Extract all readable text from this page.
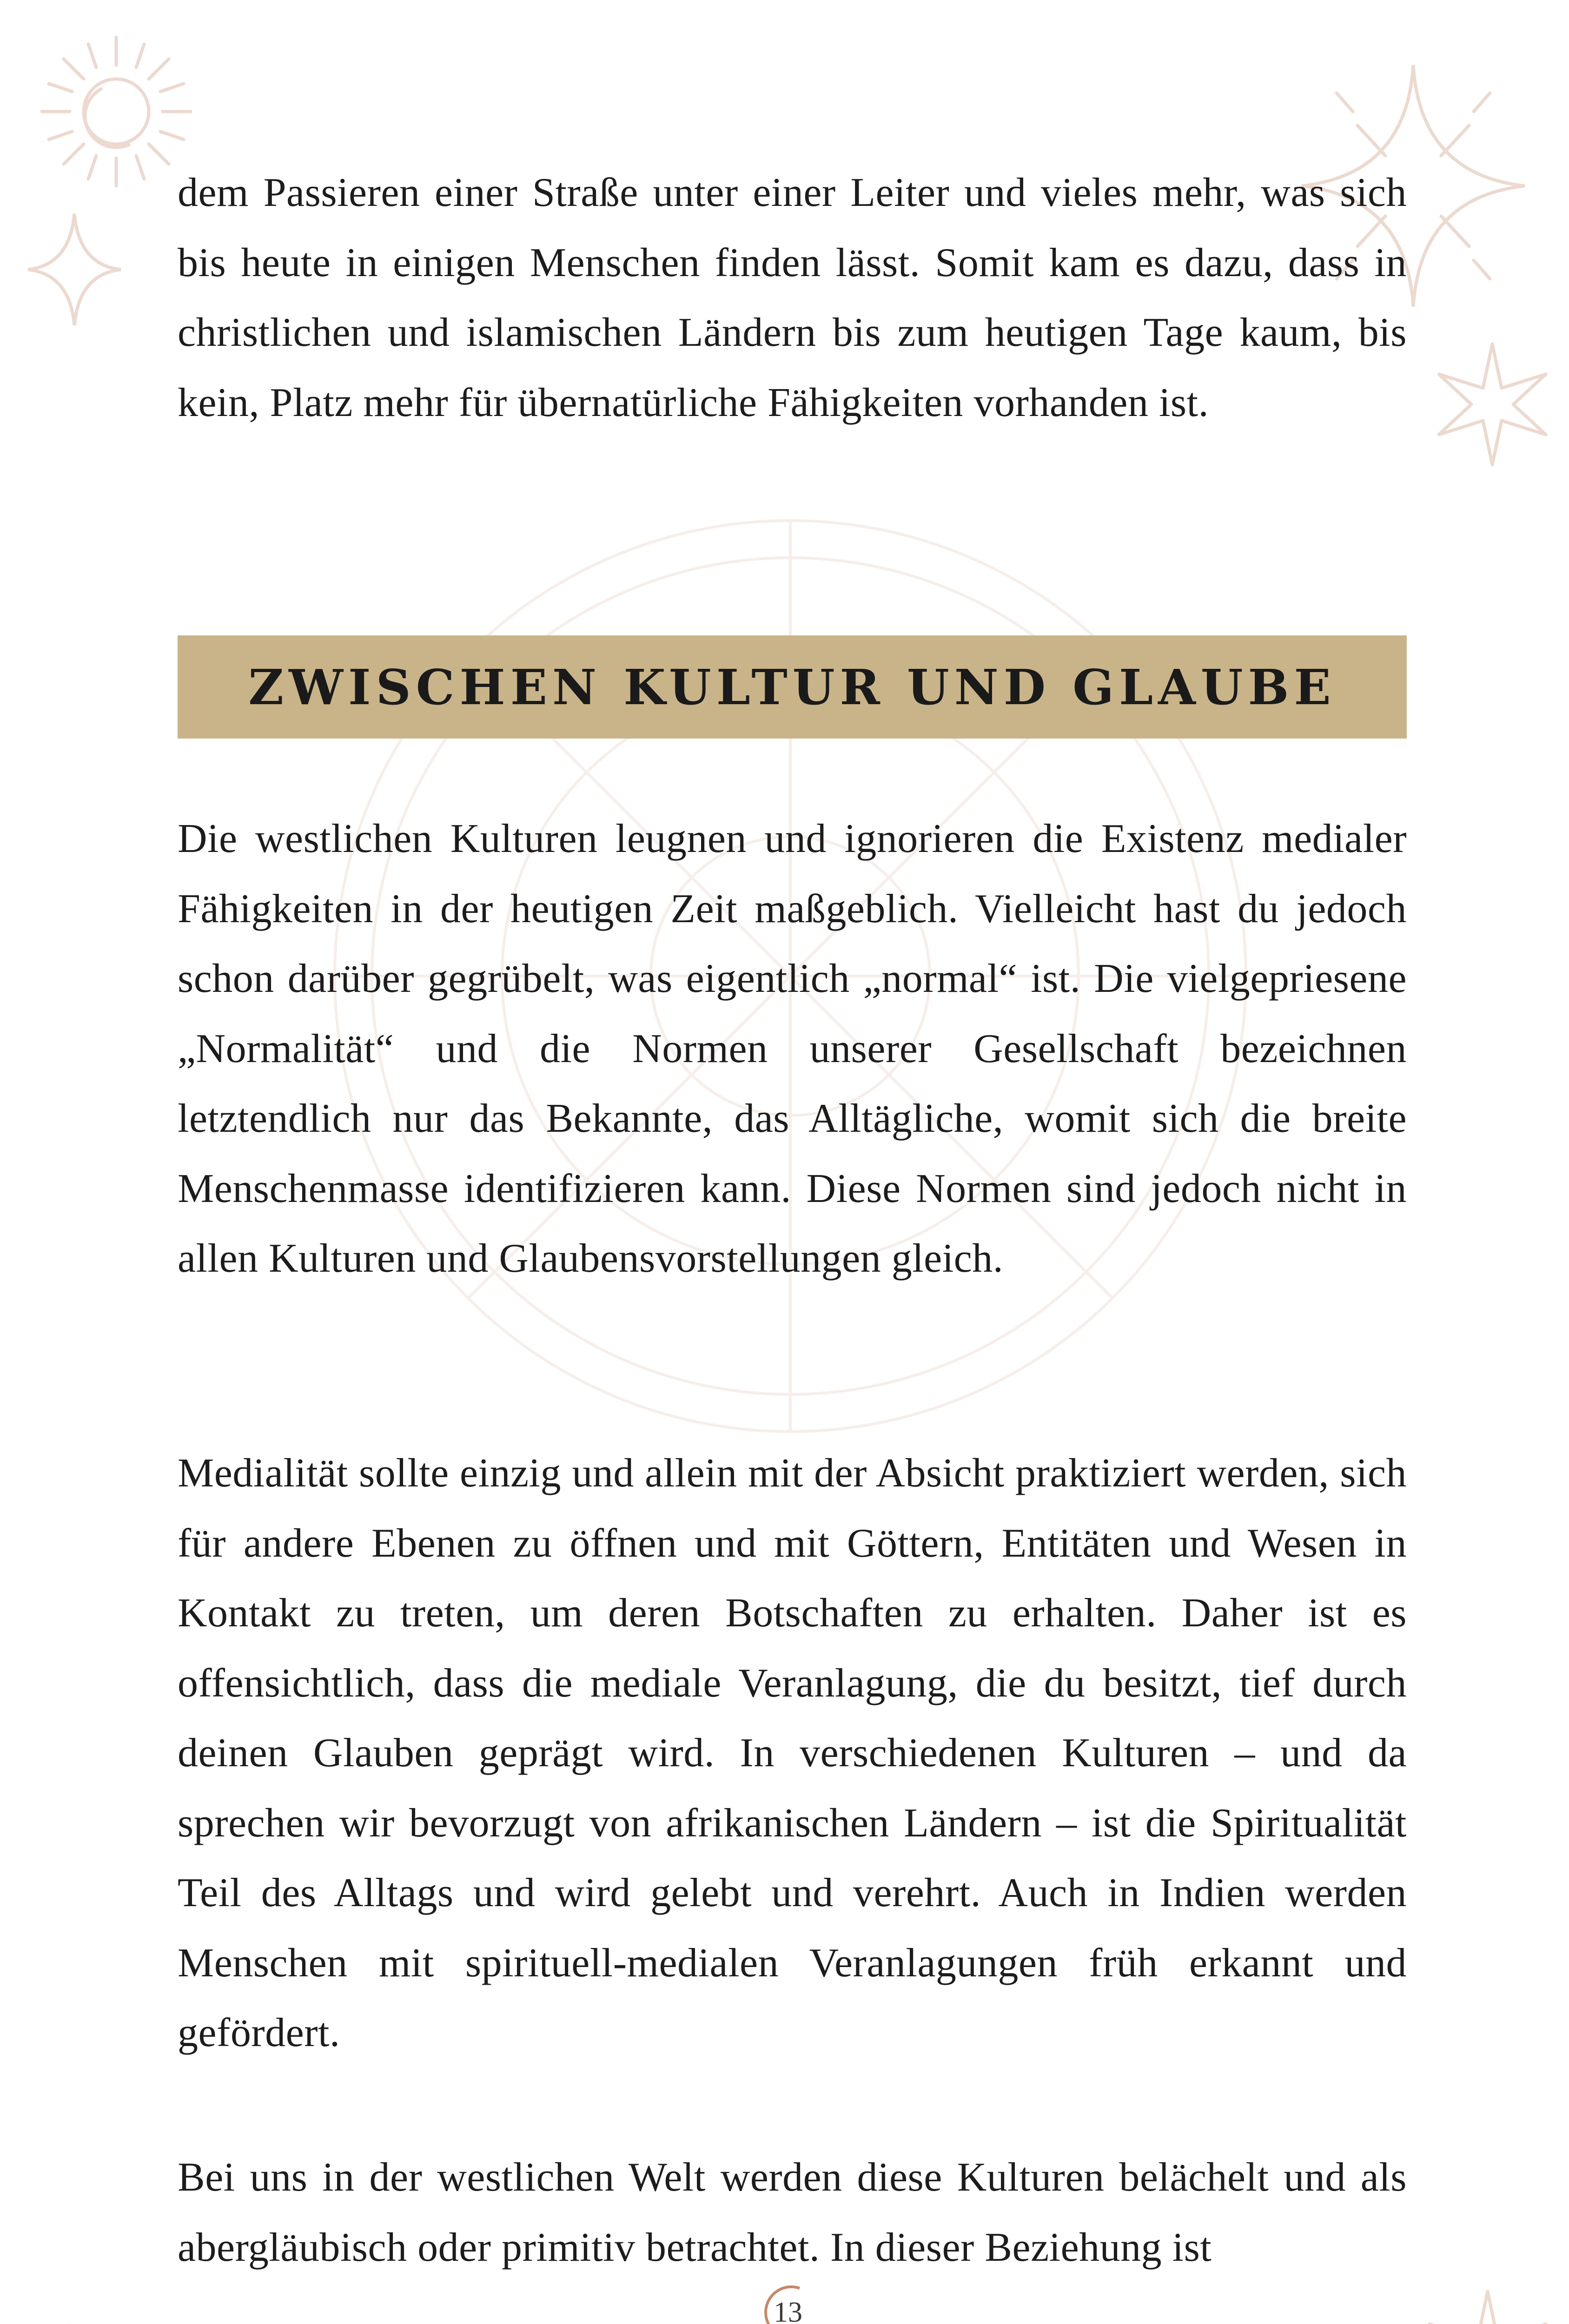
dem Passieren einer Straße unter einer Leiter und vieles mehr, was sich bis heute in einigen Menschen finden lässt. Somit kam es dazu, dass in christlichen und islamischen Ländern bis zum heutigen Tage kaum, bis kein, Platz mehr für übernatürliche Fähigkeiten vorhanden ist.

ZWISCHEN KULTUR UND GLAUBE

Die westlichen Kulturen leugnen und ignorieren die Existenz medialer Fähigkeiten in der heutigen Zeit maßgeblich. Vielleicht hast du jedoch schon darüber gegrübelt, was eigentlich „normal“ ist. Die vielgepriesene „Normalität“ und die Normen unserer Gesellschaft bezeichnen letztendlich nur das Bekannte, das Alltägliche, womit sich die breite Menschenmasse identifizieren kann. Diese Normen sind jedoch nicht in allen Kulturen und Glaubensvorstellungen gleich.

Medialität sollte einzig und allein mit der Absicht praktiziert werden, sich für andere Ebenen zu öffnen und mit Göttern, Entitäten und Wesen in Kontakt zu treten, um deren Botschaften zu erhalten. Daher ist es offensichtlich, dass die mediale Veranlagung, die du besitzt, tief durch deinen Glauben geprägt wird. In verschiedenen Kulturen – und da sprechen wir bevorzugt von afrikanischen Ländern – ist die Spiritualität Teil des Alltags und wird gelebt und verehrt. Auch in Indien werden Menschen mit spirituell-medialen Veranlagungen früh erkannt und gefördert.

Bei uns in der westlichen Welt werden diese Kulturen belächelt und als abergläubisch oder primitiv betrachtet. In dieser Beziehung ist

13
